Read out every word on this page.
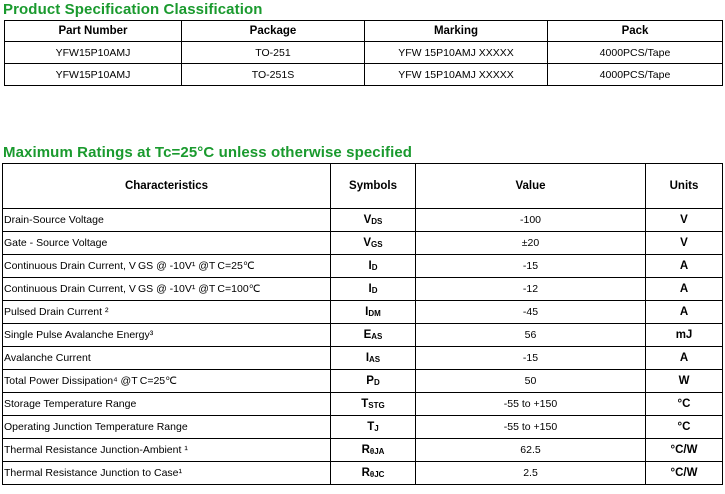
Product Specification Classification
Part Number	Package	Marking	Pack
YFW15P10AMJ	TO-251	YFW 15P10AMJ XXXXX	4000PCS/Tape
YFW15P10AMJ	TO-251S	YFW 15P10AMJ XXXXX	4000PCS/Tape
Maximum Ratings at Tc=25°C unless otherwise specified
Characteristics	Symbols	Value	Units
Drain-Source Voltage	$V_{DS}$	-100	V
Gate - Source Voltage	$V_{GS}$	±20	V
Continuous Drain Current, V GS @ -10V¹ @T C=25℃	$I_D$	-15	A
Continuous Drain Current, V GS @ -10V¹ @T C=100℃	$I_D$	-12	A
Pulsed Drain Current ²	$I_{DM}$	-45	A
Single Pulse Avalanche Energy³	$E_{AS}$	56	mJ
Avalanche Current	$I_{AS}$	-15	A
Total Power Dissipation⁴ @T C=25℃	$P_D$	50	W
Storage Temperature Range	$T_{STG}$	-55 to +150	°C
Operating Junction Temperature Range	$T_J$	-55 to +150	°C
Thermal Resistance Junction-Ambient ¹	$R_{\theta JA}$	62.5	°C/W
Thermal Resistance Junction to Case¹	$R_{\theta JC}$	2.5	°C/W
